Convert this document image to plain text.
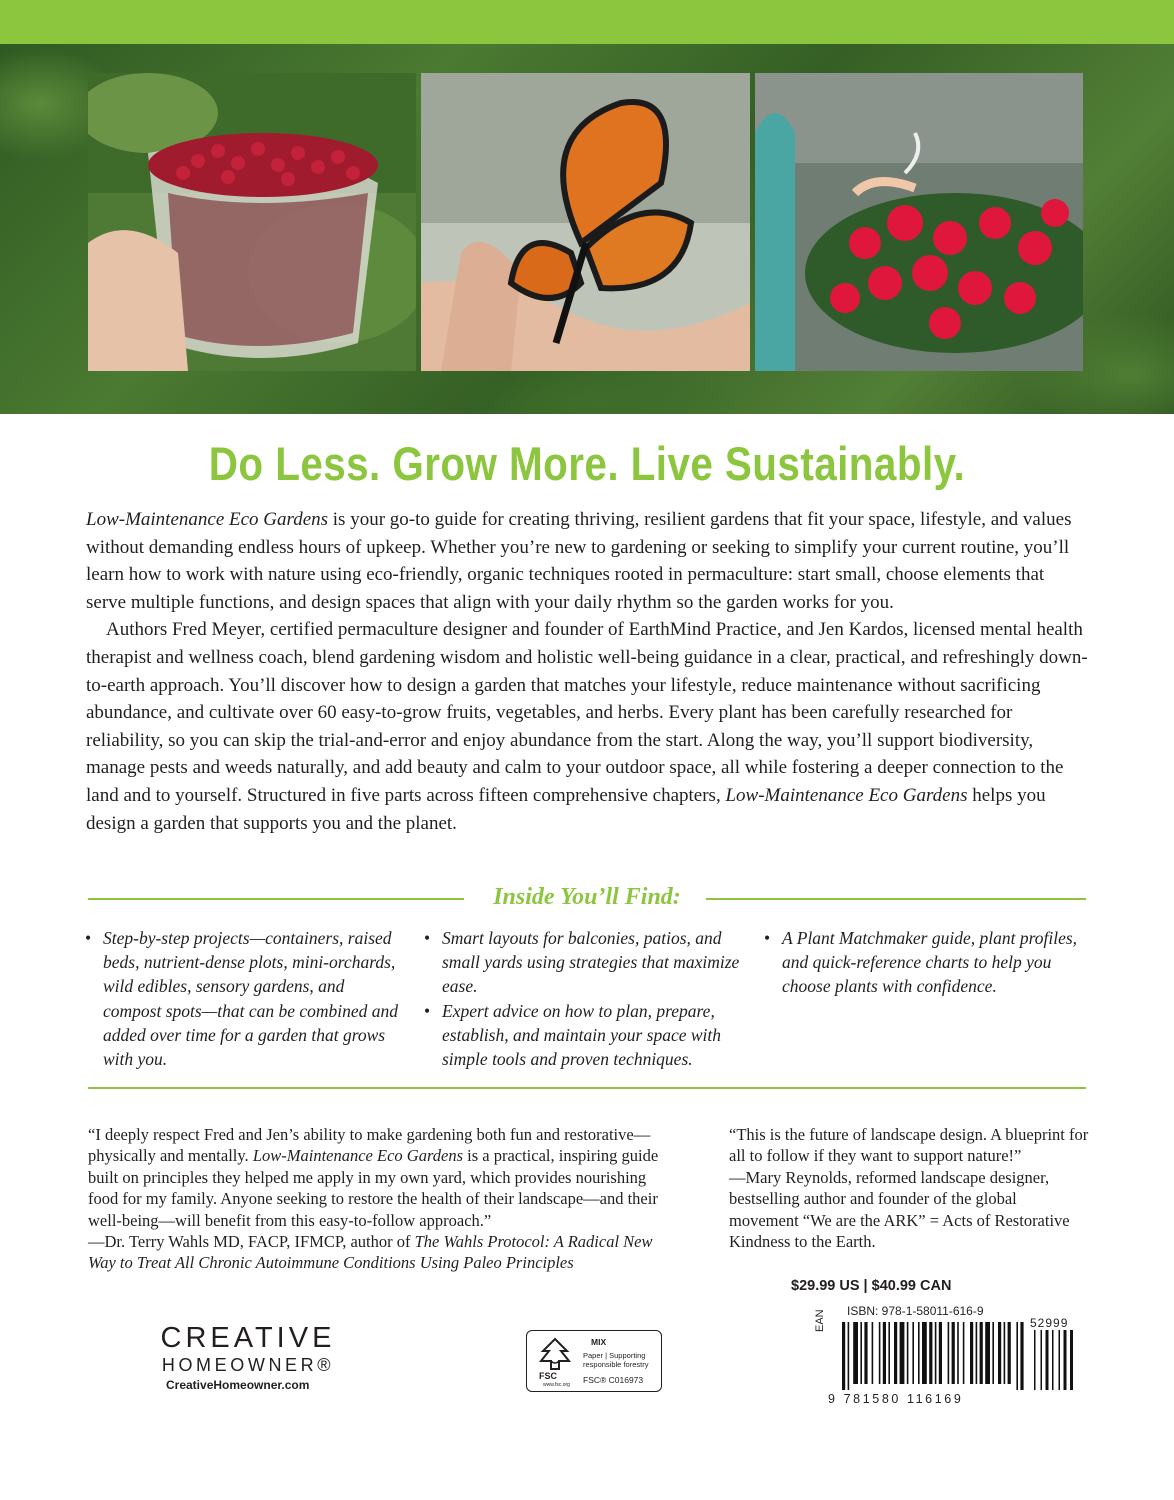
Do Less. Grow More. Live Sustainably.

Low-Maintenance Eco Gardens is your go-to guide for creating thriving, resilient gardens that fit your space, lifestyle, and values without demanding endless hours of upkeep. Whether you’re new to gardening or seeking to simplify your current routine, you’ll learn how to work with nature using eco-friendly, organic techniques rooted in permaculture: start small, choose elements that serve multiple functions, and design spaces that align with your daily rhythm so the garden works for you.

Authors Fred Meyer, certified permaculture designer and founder of EarthMind Practice, and Jen Kardos, licensed mental health therapist and wellness coach, blend gardening wisdom and holistic well-being guidance in a clear, practical, and refreshingly down-to-earth approach. You’ll discover how to design a garden that matches your lifestyle, reduce maintenance without sacrificing abundance, and cultivate over 60 easy-to-grow fruits, vegetables, and herbs. Every plant has been carefully researched for reliability, so you can skip the trial-and-error and enjoy abundance from the start. Along the way, you’ll support biodiversity, manage pests and weeds naturally, and add beauty and calm to your outdoor space, all while fostering a deeper connection to the land and to yourself. Structured in five parts across fifteen comprehensive chapters, Low-Maintenance Eco Gardens helps you design a garden that supports you and the planet.

Inside You’ll Find:
• Step-by-step projects—containers, raised beds, nutrient-dense plots, mini-orchards, wild edibles, sensory gardens, and compost spots—that can be combined and added over time for a garden that grows with you.
• Smart layouts for balconies, patios, and small yards using strategies that maximize ease.
• Expert advice on how to plan, prepare, establish, and maintain your space with simple tools and proven techniques.
• A Plant Matchmaker guide, plant profiles, and quick-reference charts to help you choose plants with confidence.
“I deeply respect Fred and Jen’s ability to make gardening both fun and restorative—physically and mentally. Low-Maintenance Eco Gardens is a practical, inspiring guide built on principles they helped me apply in my own yard, which provides nourishing food for my family. Anyone seeking to restore the health of their landscape—and their well-being—will benefit from this easy-to-follow approach.”
—Dr. Terry Wahls MD, FACP, IFMCP, author of The Wahls Protocol: A Radical New Way to Treat All Chronic Autoimmune Conditions Using Paleo Principles
“This is the future of landscape design. A blueprint for all to follow if they want to support nature!”
—Mary Reynolds, reformed landscape designer, bestselling author and founder of the global movement “We are the ARK” = Acts of Restorative Kindness to the Earth.
$29.99 US | $40.99 CAN
CREATIVE
HOMEOWNER®
CreativeHomeowner.com
FSC
www.fsc.org
MIX
Paper | Supporting responsible forestry
FSC® C016973
ISBN: 978-1-58011-616-9
EAN	52999
9 781580 116169
